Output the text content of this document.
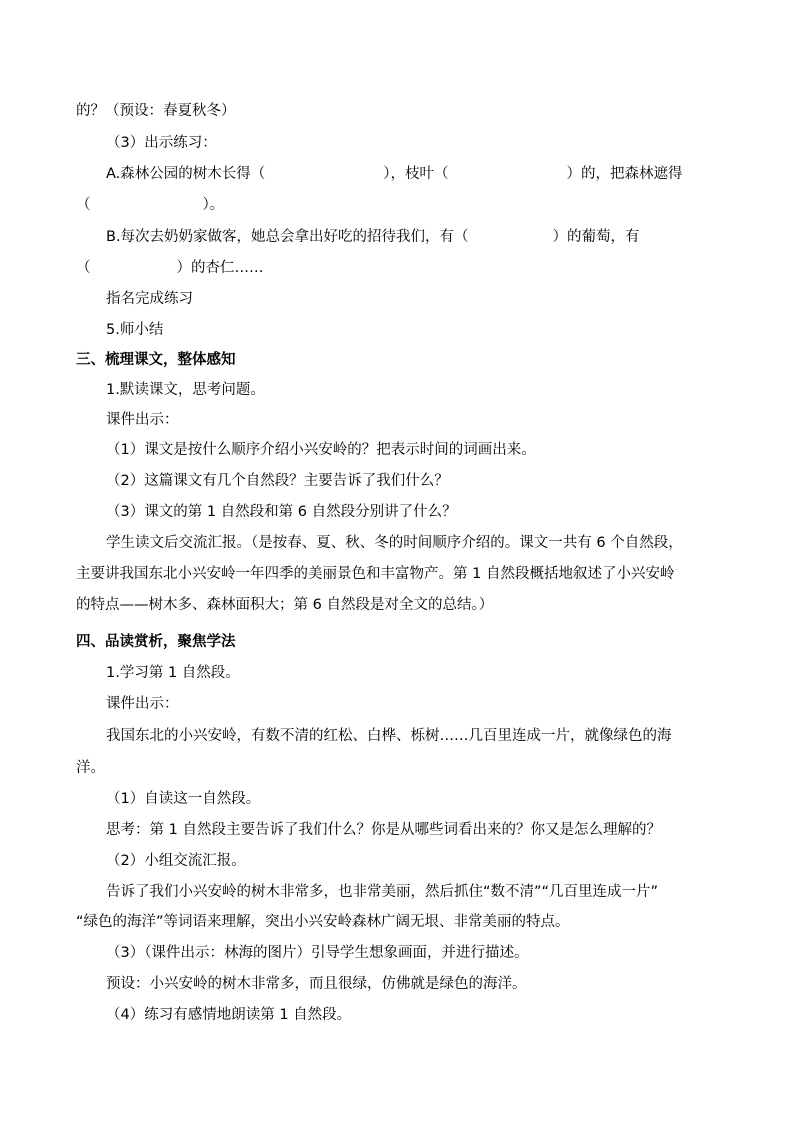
的？（预设：春夏秋冬）
（3）出示练习：
A.森林公园的树木长得（	），枝叶（	）的，把森林遮得
（	）。
B.每次去奶奶家做客，她总会拿出好吃的招待我们，有（	）的葡萄，有
（	）的杏仁……
指名完成练习
5.师小结
三、梳理课文，整体感知
1.默读课文，思考问题。
课件出示：
（1）课文是按什么顺序介绍小兴安岭的？把表示时间的词画出来。
（2）这篇课文有几个自然段？主要告诉了我们什么？
（3）课文的第 1 自然段和第 6 自然段分别讲了什么？
学生读文后交流汇报。（是按春、夏、秋、冬的时间顺序介绍的。课文一共有 6 个自然段，
主要讲我国东北小兴安岭一年四季的美丽景色和丰富物产。第 1 自然段概括地叙述了小兴安岭
的特点——树木多、森林面积大；第 6 自然段是对全文的总结。）
四、品读赏析，聚焦学法
1.学习第 1 自然段。
课件出示：
我国东北的小兴安岭，有数不清的红松、白桦、栎树……几百里连成一片，就像绿色的海
洋。
（1）自读这一自然段。
思考：第 1 自然段主要告诉了我们什么？你是从哪些词看出来的？你又是怎么理解的？
（2）小组交流汇报。
告诉了我们小兴安岭的树木非常多，也非常美丽，然后抓住“数不清”“几百里连成一片”
“绿色的海洋”等词语来理解，突出小兴安岭森林广阔无垠、非常美丽的特点。
（3）（课件出示：林海的图片）引导学生想象画面，并进行描述。
预设：小兴安岭的树木非常多，而且很绿，仿佛就是绿色的海洋。
（4）练习有感情地朗读第 1 自然段。
